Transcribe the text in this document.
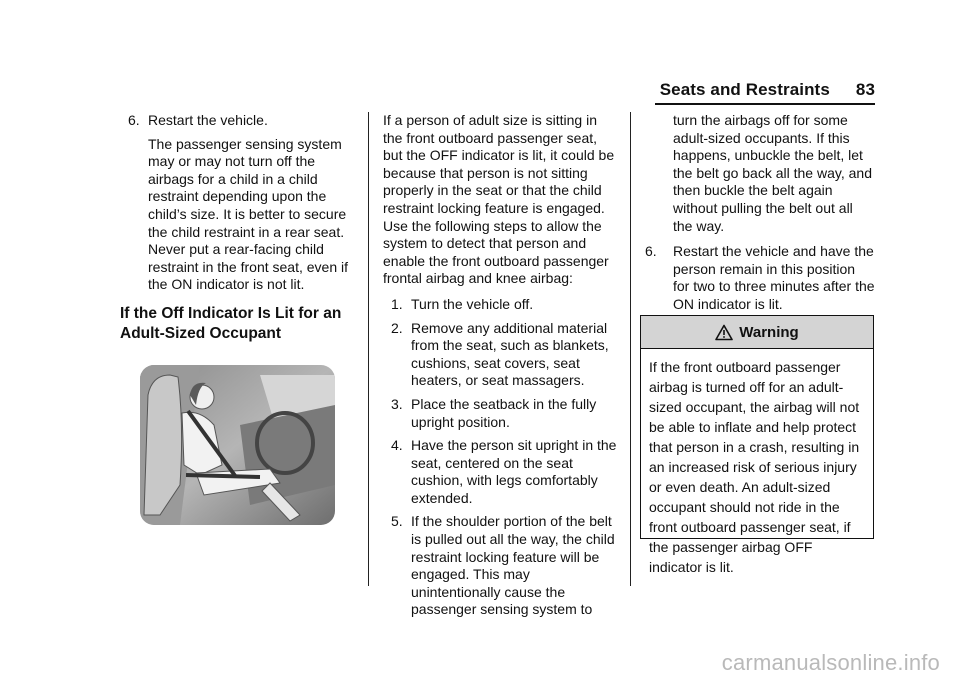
Seats and Restraints 83
6. Restart the vehicle.

The passenger sensing system may or may not turn off the airbags for a child in a child restraint depending upon the child’s size. It is better to secure the child restraint in a rear seat. Never put a rear-facing child restraint in the front seat, even if the ON indicator is not lit.

If the Off Indicator Is Lit for an Adult-Sized Occupant

If a person of adult size is sitting in the front outboard passenger seat, but the OFF indicator is lit, it could be because that person is not sitting properly in the seat or that the child restraint locking feature is engaged. Use the following steps to allow the system to detect that person and enable the front outboard passenger frontal airbag and knee airbag:

1. Turn the vehicle off.
2. Remove any additional material from the seat, such as blankets, cushions, seat covers, seat heaters, or seat massagers.
3. Place the seatback in the fully upright position.
4. Have the person sit upright in the seat, centered on the seat cushion, with legs comfortably extended.
5. If the shoulder portion of the belt is pulled out all the way, the child restraint locking feature will be engaged. This may unintentionally cause the passenger sensing system to

turn the airbags off for some adult-sized occupants. If this happens, unbuckle the belt, let the belt go back all the way, and then buckle the belt again without pulling the belt out all the way.

6. Restart the vehicle and have the person remain in this position for two to three minutes after the ON indicator is lit.
Warning
If the front outboard passenger airbag is turned off for an adult-sized occupant, the airbag will not be able to inflate and help protect that person in a crash, resulting in an increased risk of serious injury or even death. An adult-sized occupant should not ride in the front outboard passenger seat, if the passenger airbag OFF indicator is lit.
carmanualsonline.info
